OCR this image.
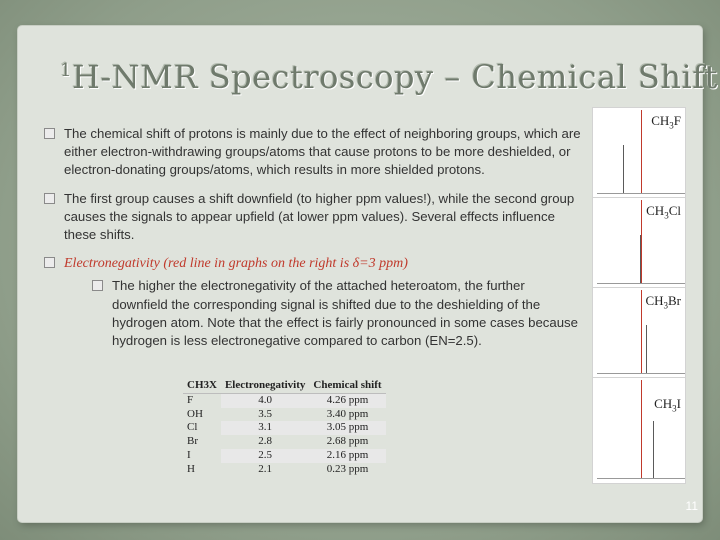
$^1$H-NMR Spectroscopy – Chemical Shift
The chemical shift of protons is mainly due to the effect of neighboring groups, which are either electron-withdrawing groups/atoms that cause protons to be more deshielded, or electron-donating groups/atoms, which results in more shielded protons.
The first group causes a shift downfield (to higher ppm values!), while the second group causes the signals to appear upfield (at lower ppm values). Several effects influence these shifts.
Electronegativity (red line in graphs on the right is δ=3 ppm)
The higher the electronegativity of the attached heteroatom, the further downfield the corresponding signal is shifted due to the deshielding of the hydrogen atom. Note that the effect is fairly pronounced in some cases because hydrogen is less electronegative compared to carbon (EN=2.5).
CH3X	Electronegativity	Chemical shift
F	4.0	4.26 ppm
OH	3.5	3.40 ppm
Cl	3.1	3.05 ppm
Br	2.8	2.68 ppm
I	2.5	2.16 ppm
H	2.1	0.23 ppm
$CH_3F$
$CH_3Cl$
$CH_3Br$
$CH_3I$
11
